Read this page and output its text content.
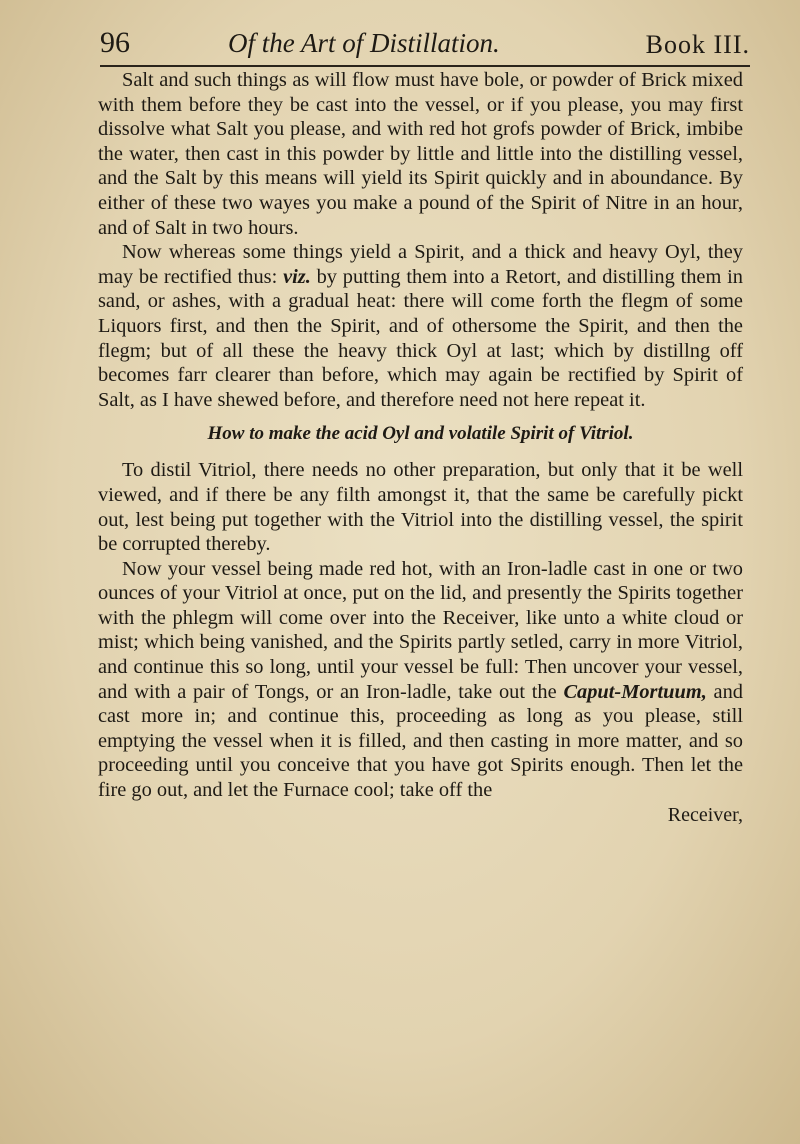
96	Of the Art of Distillation.	Book III.

Salt and such things as will flow must have bole, or powder of Brick mixed with them before they be cast into the vessel, or if you please, you may first dissolve what Salt you please, and with red hot grofs powder of Brick, imbibe the water, then cast in this powder by little and little into the distilling vessel, and the Salt by this means will yield its Spirit quickly and in aboundance. By either of these two wayes you make a pound of the Spirit of Nitre in an hour, and of Salt in two hours.

Now whereas some things yield a Spirit, and a thick and heavy Oyl, they may be rectified thus: viz. by putting them into a Retort, and distilling them in sand, or ashes, with a gradual heat: there will come forth the flegm of some Liquors first, and then the Spirit, and of othersome the Spirit, and then the flegm; but of all these the heavy thick Oyl at last; which by distillng off becomes farr clearer than before, which may again be rectified by Spirit of Salt, as I have shewed before, and therefore need not here repeat it.

How to make the acid Oyl and volatile Spirit of Vitriol.

To distil Vitriol, there needs no other preparation, but only that it be well viewed, and if there be any filth amongst it, that the same be carefully pickt out, lest being put together with the Vitriol into the distilling vessel, the spirit be corrupted thereby.

Now your vessel being made red hot, with an Iron-ladle cast in one or two ounces of your Vitriol at once, put on the lid, and presently the Spirits together with the phlegm will come over into the Receiver, like unto a white cloud or mist; which being vanished, and the Spirits partly setled, carry in more Vitriol, and continue this so long, until your vessel be full: Then uncover your vessel, and with a pair of Tongs, or an Iron-ladle, take out the Caput-Mortuum, and cast more in; and continue this, proceeding as long as you please, still emptying the vessel when it is filled, and then casting in more matter, and so proceeding until you conceive that you have got Spirits enough. Then let the fire go out, and let the Furnace cool; take off the

Receiver,
